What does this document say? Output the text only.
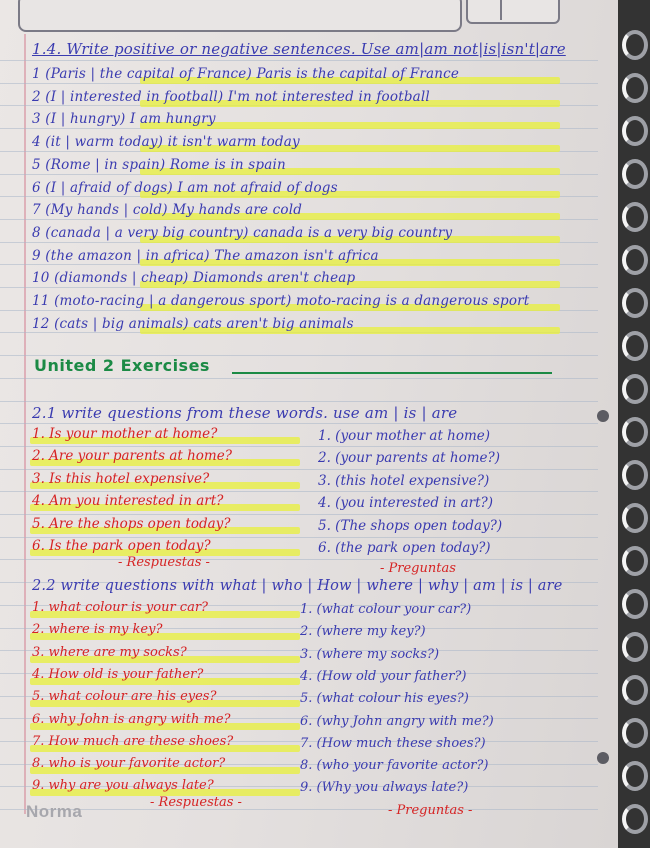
1.4. Write positive or negative sentences. Use am|am not|is|isn't|are
1 (Paris | the capital of France) Paris is the capital of France
2 (I | interested in football) I'm not interested in football
3 (I | hungry) I am hungry
4 (it | warm today) it isn't warm today
5 (Rome | in spain) Rome is in spain
6 (I | afraid of dogs) I am not afraid of dogs
7 (My hands | cold) My hands are cold
8 (canada | a very big country) canada is a very big country
9 (the amazon | in africa) The amazon isn't africa
10 (diamonds | cheap) Diamonds aren't cheap
11 (moto-racing | a dangerous sport) moto-racing is a dangerous sport
12 (cats | big animals) cats aren't big animals
United 2 Exercises
2.1 write questions from these words. use am | is | are
1. Is your mother at home?
2. Are your parents at home?
3. Is this hotel expensive?
4. Am you interested in art?
5. Are the shops open today?
6. Is the park open today?
1. (your mother at home)
2. (your parents at home?)
3. (this hotel expensive?)
4. (you interested in art?)
5. (The shops open today?)
6. (the park open today?)
- Respuestas -	- Preguntas
2.2 write questions with what | who | How | where | why | am | is | are
1. what colour is your car?
2. where is my key?
3. where are my socks?
4. How old is your father?
5. what colour are his eyes?
6. why John is angry with me?
7. How much are these shoes?
8. who is your favorite actor?
9. why are you always late?
1. (what colour your car?)
2. (where my key?)
3. (where my socks?)
4. (How old your father?)
5. (what colour his eyes?)
6. (why John angry with me?)
7. (How much these shoes?)
8. (who your favorite actor?)
9. (Why you always late?)
- Respuestas -
- Preguntas -
Norma
